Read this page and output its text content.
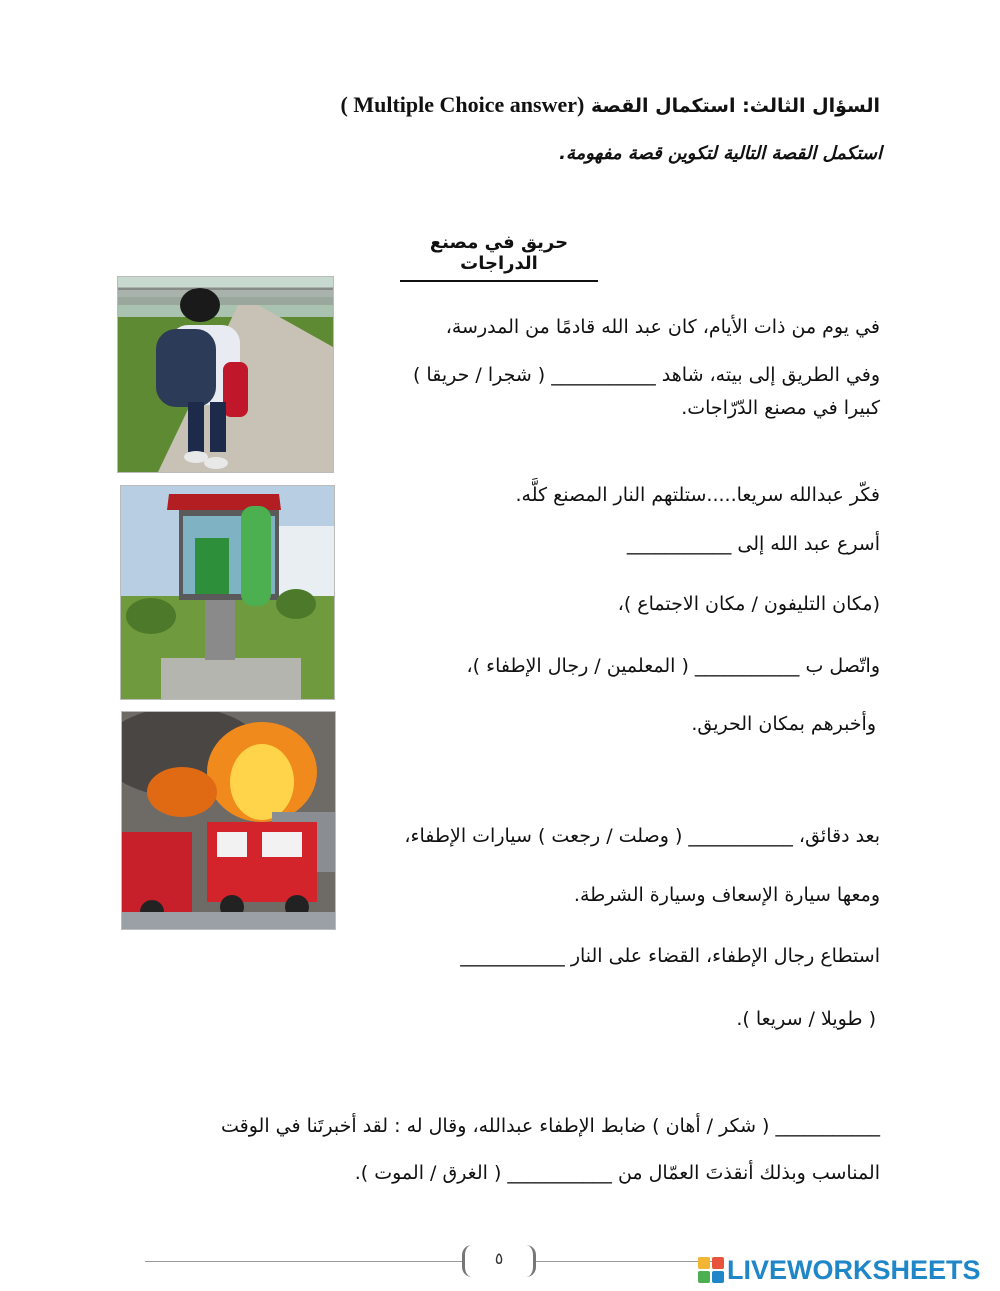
السؤال الثالث: استكمال القصة ( Multiple Choice answer)
استكمل القصة التالية لتكوين قصة مفهومة.
حريق في مصنع الدراجات
في يوم من ذات الأيام، كان عبد الله قادمًا من المدرسة،
وفي الطريق إلى بيته، شاهد ___________ ( شجرا / حريقا )
كبيرا في مصنع الدّرّاجات.
فكّر عبدالله سريعا.....ستلتهم النار المصنع كلَّه.
أسرع عبد الله إلى ___________
(مكان التليفون / مكان الاجتماع )،
واتّصل ب ___________ ( المعلمين / رجال الإطفاء )،
وأخبرهم بمكان الحريق.
بعد دقائق، ___________ ( وصلت / رجعت ) سيارات الإطفاء،
ومعها سيارة الإسعاف وسيارة الشرطة.
استطاع رجال الإطفاء، القضاء على النار ___________
( طويلا / سريعا ).
___________ ( شكر / أهان ) ضابط الإطفاء عبدالله، وقال له : لقد أخبرتَنا في الوقت
المناسب وبذلك أنقذتَ العمّال من ___________ ( الغرق / الموت ).
٥	LIVEWORKSHEETS
